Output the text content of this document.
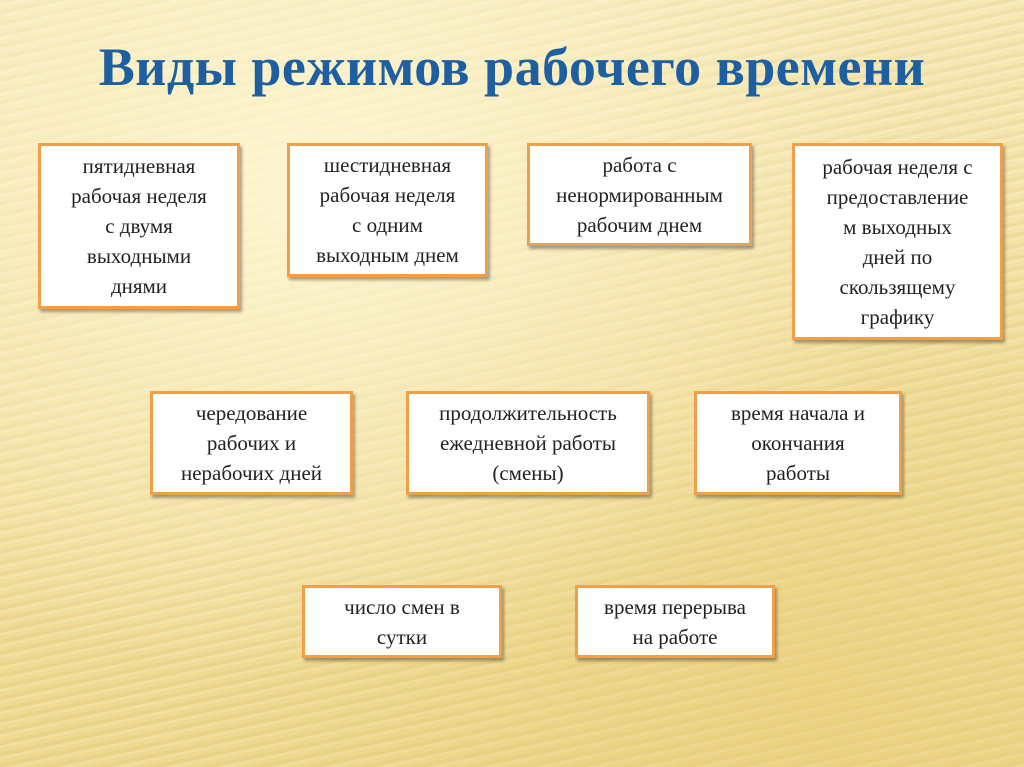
Виды режимов рабочего времени
пятидневная
рабочая неделя
с двумя
выходными
днями
шестидневная
рабочая неделя
с одним
выходным днем
работа с
ненормированным
рабочим днем
рабочая неделя с
предоставление
м выходных
дней по
скользящему
графику
чередование
рабочих и
нерабочих дней
продолжительность
ежедневной работы
(смены)
время начала и
окончания
работы
число смен в
сутки
время перерыва
на работе
